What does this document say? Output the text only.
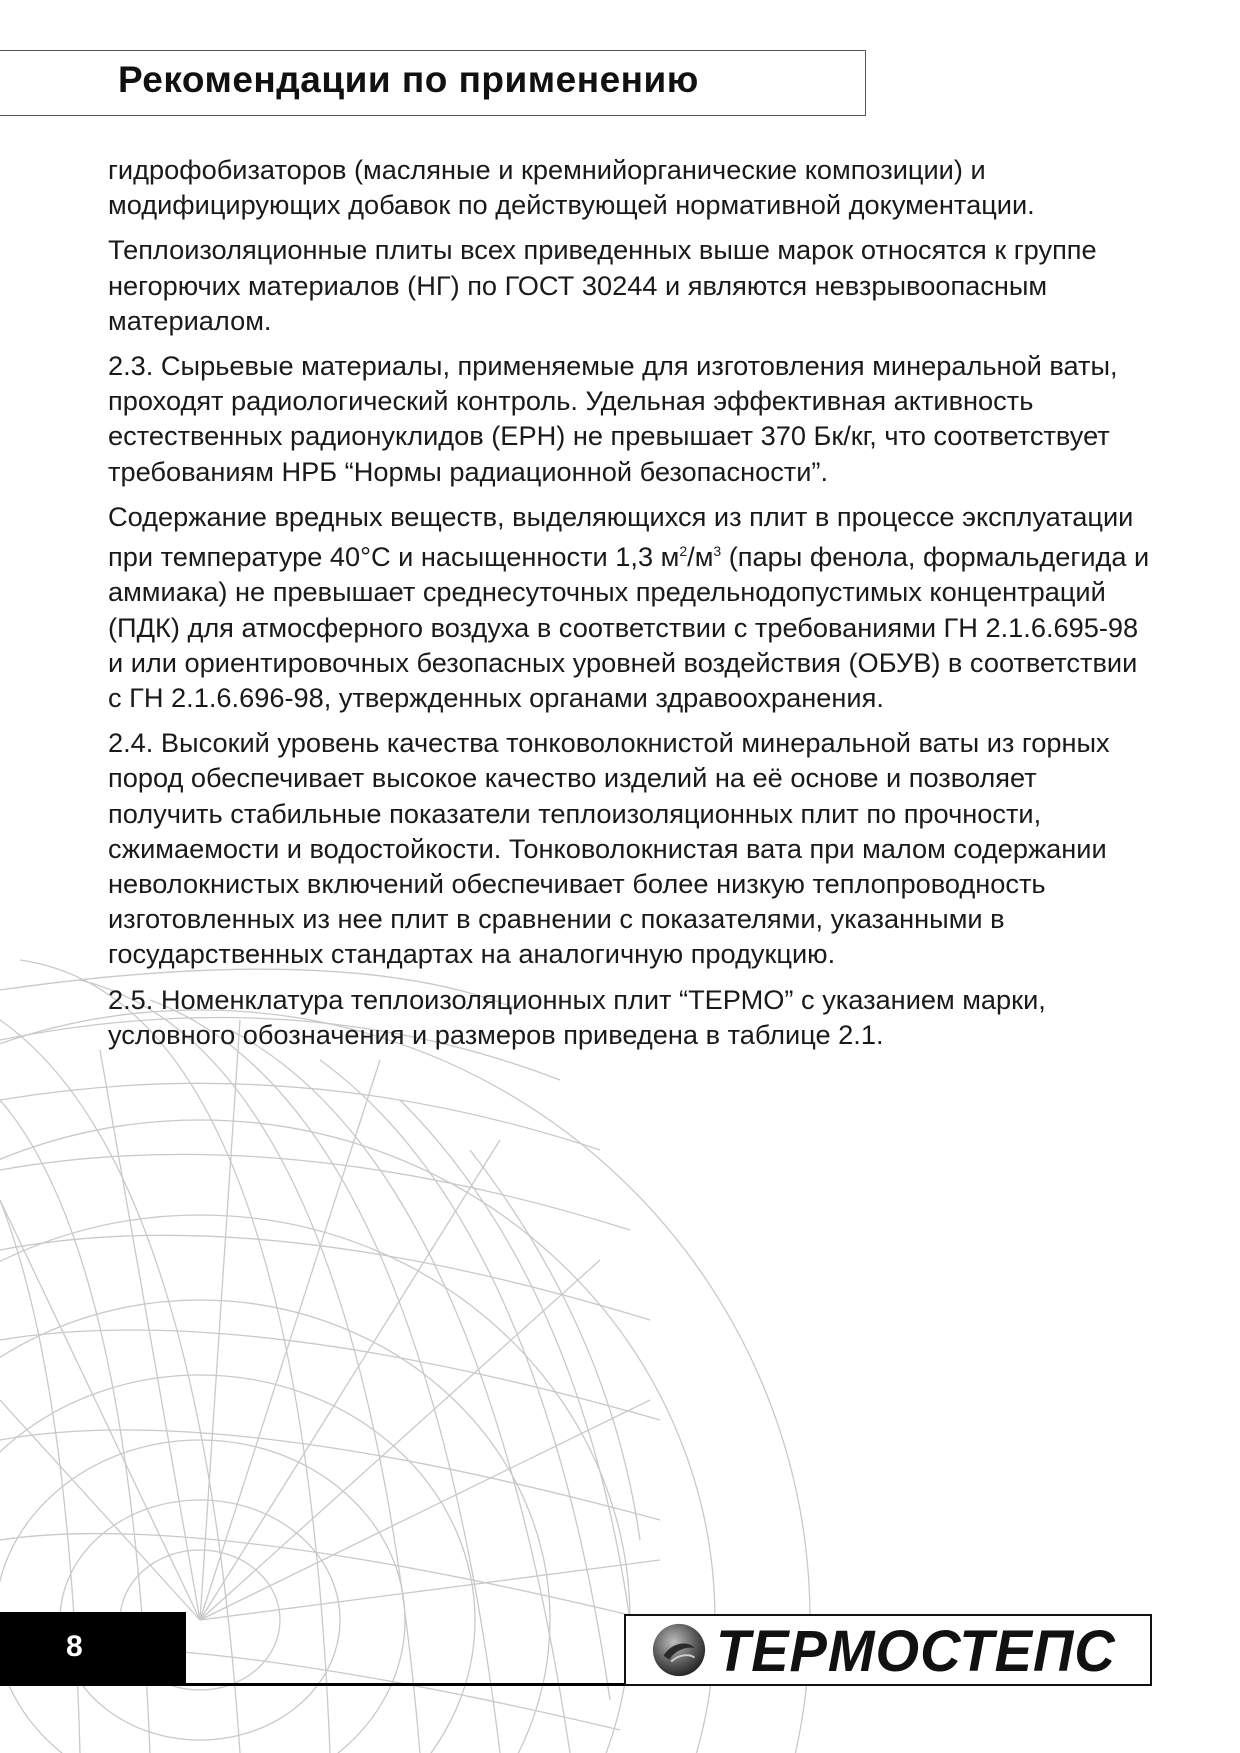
Рекомендации по применению

гидрофобизаторов (масляные и кремнийорганические композиции) и модифицирующих добавок по действующей нормативной документации.

Теплоизоляционные плиты всех приведенных выше марок относятся к группе негорючих материалов (НГ) по ГОСТ 30244 и являются невзрывоопасным материалом.

2.3. Сырьевые материалы, применяемые для изготовления минеральной ваты, проходят радиологический контроль. Удельная эффективная активность естественных радионуклидов (ЕРН) не превышает 370 Бк/кг, что соответствует требованиям НРБ “Нормы радиационной безопасности”.

Содержание вредных веществ, выделяющихся из плит в процессе эксплуатации при температуре 40°С и насыщенности 1,3 $м^2/м^3$ (пары фенола, формальдегида и аммиака) не превышает среднесуточных предельнодопустимых концентраций (ПДК) для атмосферного воздуха в соответствии с требованиями ГН 2.1.6.695-98 и или ориентировочных безопасных уровней воздействия (ОБУВ) в соответствии с ГН 2.1.6.696-98, утвержденных органами здравоохранения.

2.4. Высокий уровень качества тонковолокнистой минеральной ваты из горных пород обеспечивает высокое качество изделий на её основе и позволяет получить стабильные показатели теплоизоляционных плит по прочности, сжимаемости и водостойкости. Тонковолокнистая вата при малом содержании неволокнистых включений обеспечивает более низкую теплопроводность изготовленных из нее плит в сравнении с показателями, указанными в государственных стандартах на аналогичную продукцию.

2.5. Номенклатура теплоизоляционных плит “ТЕРМО” с указанием марки, условного обозначения и размеров приведена в таблице 2.1.

8	ТЕРМОСТЕПС
